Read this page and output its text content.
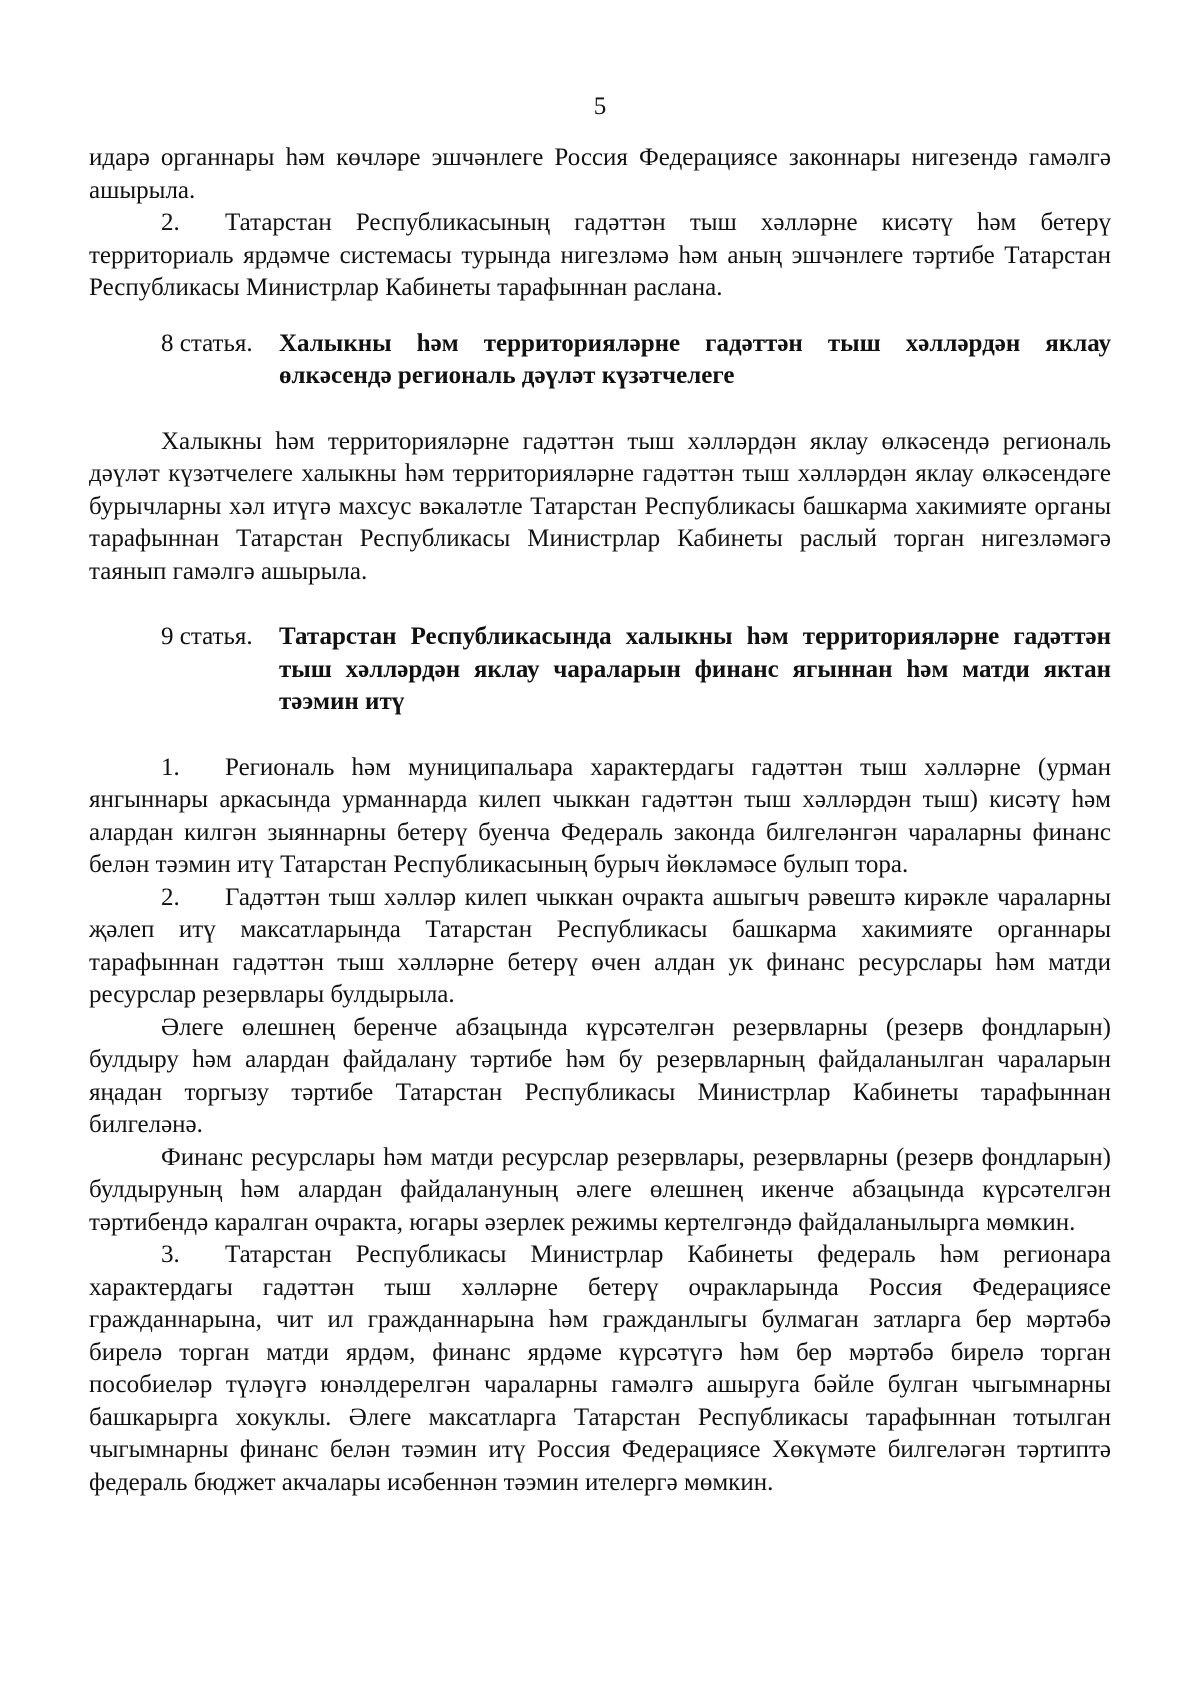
5

идарә органнары һәм көчләре эшчәнлеге Россия Федерациясе законнары нигезендә гамәлгә ашырыла.

2. Татарстан Республикасының гадәттән тыш хәлләрне кисәтү һәм бетерү территориаль ярдәмче системасы турында нигезләмә һәм аның эшчәнлеге тәртибе Татарстан Республикасы Министрлар Кабинеты тарафыннан раслана.

8 статья.	Халыкны һәм территорияләрне гадәттән тыш хәлләрдән яклау өлкәсендә региональ дәүләт күзәтчелеге

Халыкны һәм территорияләрне гадәттән тыш хәлләрдән яклау өлкәсендә региональ дәүләт күзәтчелеге халыкны һәм территорияләрне гадәттән тыш хәлләрдән яклау өлкәсендәге бурычларны хәл итүгә махсус вәкаләтле Татарстан Республикасы башкарма хакимияте органы тарафыннан Татарстан Республикасы Министрлар Кабинеты раслый торган нигезләмәгә таянып гамәлгә ашырыла.

9 статья.	Татарстан Республикасында халыкны һәм территорияләрне гадәттән тыш хәлләрдән яклау чараларын финанс ягыннан һәм матди яктан тәэмин итү

1. Региональ һәм муниципальара характердагы гадәттән тыш хәлләрне (урман янгыннары аркасында урманнарда килеп чыккан гадәттән тыш хәлләрдән тыш) кисәтү һәм алардан килгән зыяннарны бетерү буенча Федераль законда билгеләнгән чараларны финанс белән тәэмин итү Татарстан Республикасының бурыч йөкләмәсе булып тора.

2. Гадәттән тыш хәлләр килеп чыккан очракта ашыгыч рәвештә кирәкле чараларны җәлеп итү максатларында Татарстан Республикасы башкарма хакимияте органнары тарафыннан гадәттән тыш хәлләрне бетерү өчен алдан ук финанс ресурслары һәм матди ресурслар резервлары булдырыла.

Әлеге өлешнең беренче абзацында күрсәтелгән резервларны (резерв фондларын) булдыру һәм алардан файдалану тәртибе һәм бу резервларның файдаланылган чараларын яңадан торгызу тәртибе Татарстан Республикасы Министрлар Кабинеты тарафыннан билгеләнә.

Финанс ресурслары һәм матди ресурслар резервлары, резервларны (резерв фондларын) булдыруның һәм алардан файдалануның әлеге өлешнең икенче абзацында күрсәтелгән тәртибендә каралган очракта, югары әзерлек режимы кертелгәндә файдаланылырга мөмкин.

3. Татарстан Республикасы Министрлар Кабинеты федераль һәм регионара характердагы гадәттән тыш хәлләрне бетерү очракларында Россия Федерациясе гражданнарына, чит ил гражданнарына һәм гражданлыгы булмаган затларга бер мәртәбә бирелә торган матди ярдәм, финанс ярдәме күрсәтүгә һәм бер мәртәбә бирелә торган пособиеләр түләүгә юнәлдерелгән чараларны гамәлгә ашыруга бәйле булган чыгымнарны башкарырга хокуклы. Әлеге максатларга Татарстан Республикасы тарафыннан тотылган чыгымнарны финанс белән тәэмин итү Россия Федерациясе Хөкүмәте билгеләгән тәртиптә федераль бюджет акчалары исәбеннән тәэмин ителергә мөмкин.
